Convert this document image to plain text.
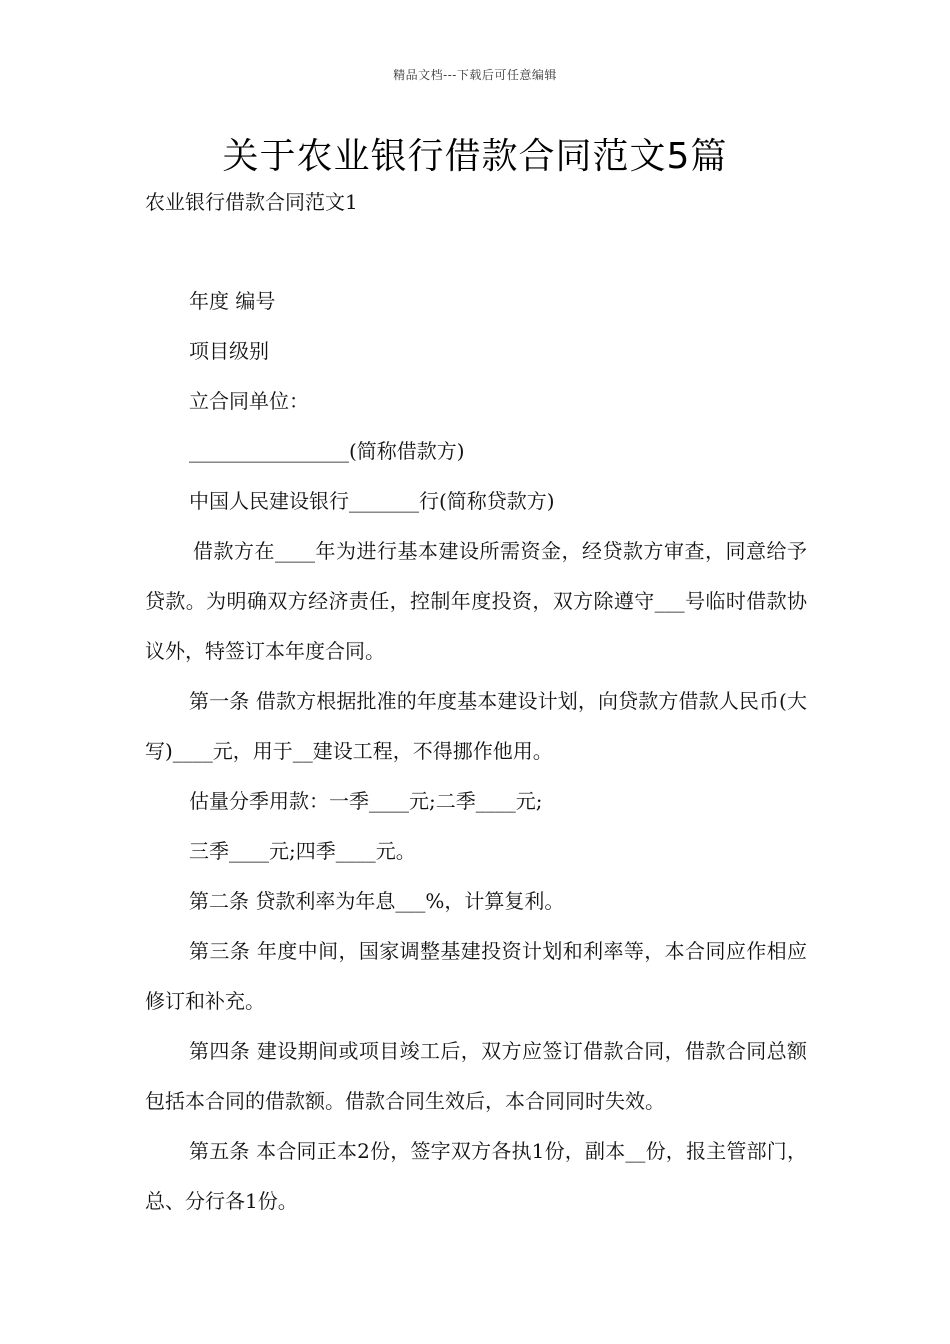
精品文档---下载后可任意编辑
关于农业银行借款合同范文5篇
农业银行借款合同范文1

年度 编号

项目级别

立合同单位：

________________(简称借款方)

中国人民建设银行_______行(简称贷款方)

借款方在____年为进行基本建设所需资金，经贷款方审查，同意给予贷款。为明确双方经济责任，控制年度投资，双方除遵守___号临时借款协议外，特签订本年度合同。

第一条 借款方根据批准的年度基本建设计划，向贷款方借款人民币(大写)____元，用于__建设工程，不得挪作他用。

估量分季用款：一季____元;二季____元;

三季____元;四季____元。

第二条 贷款利率为年息___%，计算复利。

第三条 年度中间，国家调整基建投资计划和利率等，本合同应作相应修订和补充。

第四条 建设期间或项目竣工后，双方应签订借款合同，借款合同总额包括本合同的借款额。借款合同生效后，本合同同时失效。

第五条 本合同正本2份，签字双方各执1份，副本__份，报主管部门，总、分行各1份。
